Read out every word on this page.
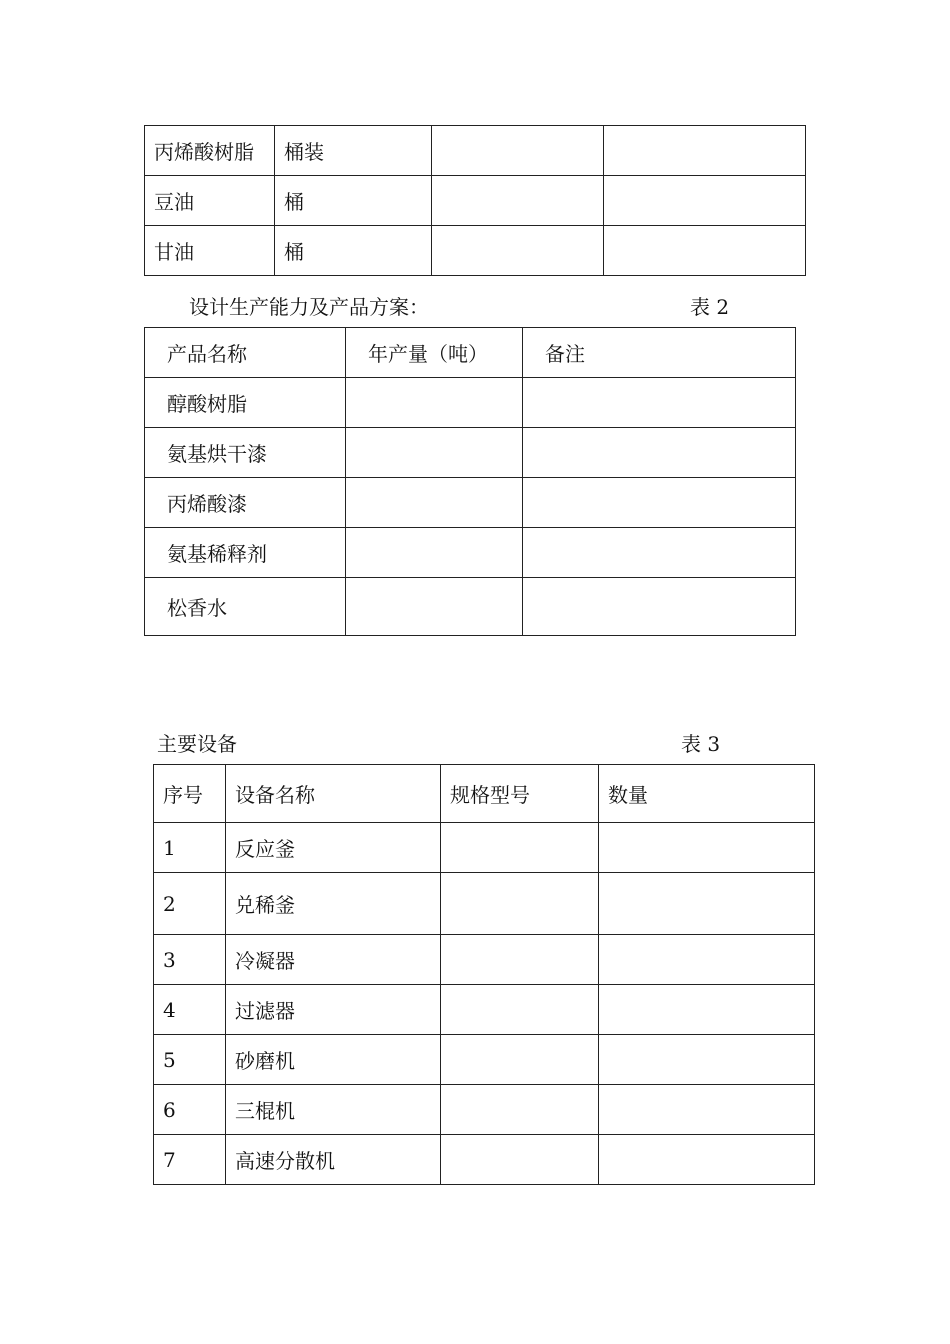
丙烯酸树脂	桶装		
豆油	桶		
甘油	桶		
设计生产能力及产品方案：	表 2
产品名称	年产量（吨）	备注
醇酸树脂		
氨基烘干漆		
丙烯酸漆		
氨基稀释剂		
松香水		
主要设备	表 3
序号	设备名称	规格型号	数量
1	反应釜		
2	兑稀釜		
3	冷凝器		
4	过滤器		
5	砂磨机		
6	三棍机		
7	高速分散机		
